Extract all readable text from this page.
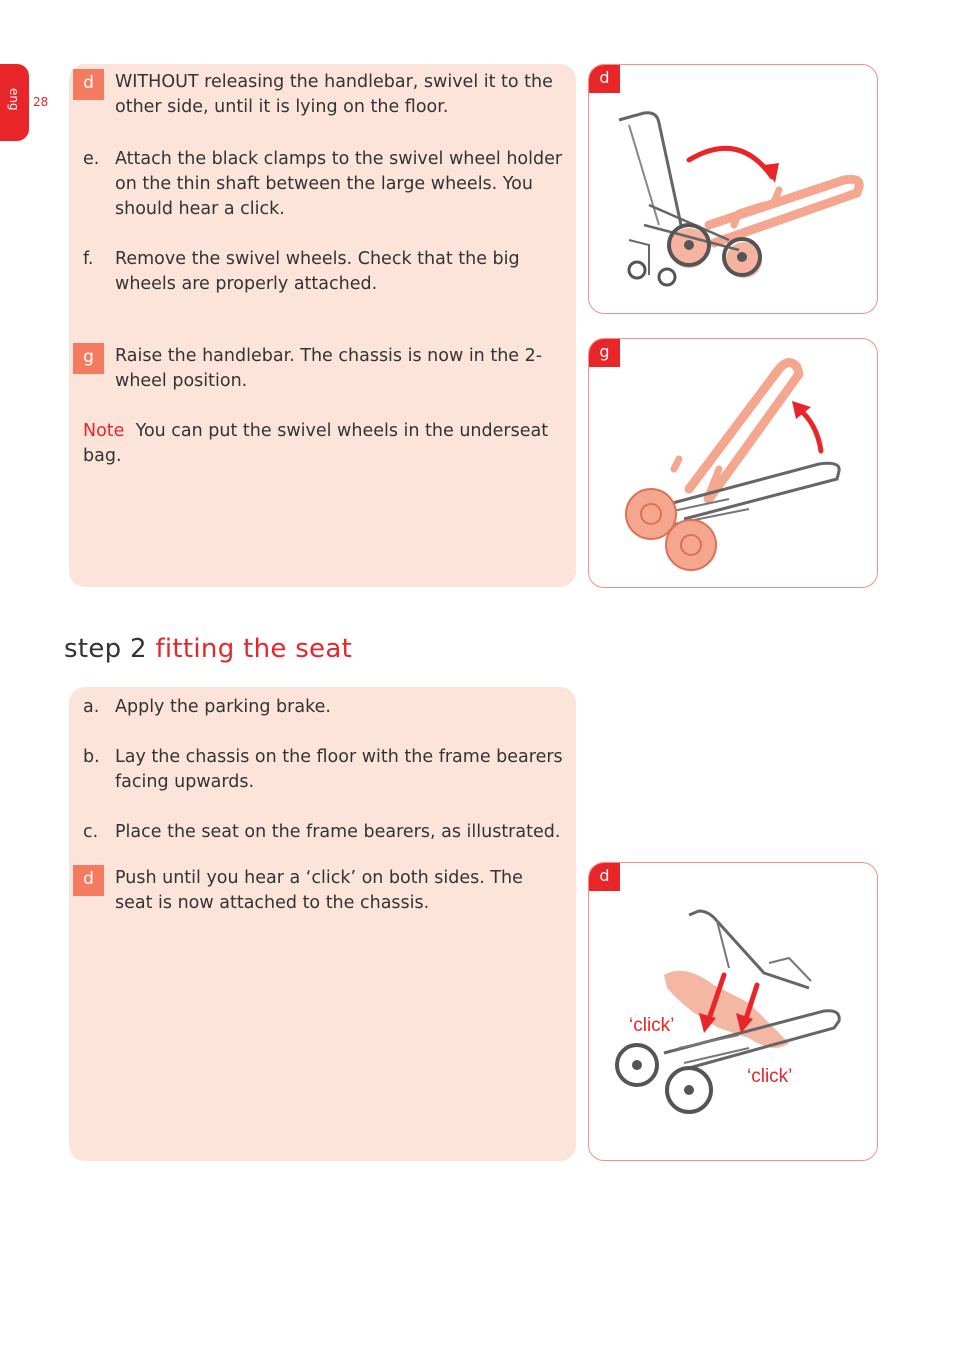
eng 28
d	WITHOUT releasing the handlebar, swivel it to the other side, until it is lying on the floor.
e. Attach the black clamps to the swivel wheel holder on the thin shaft between the large wheels. You should hear a click.
f. Remove the swivel wheels. Check that the big wheels are properly attached.
g	Raise the handlebar. The chassis is now in the 2-wheel position.
Note You can put the swivel wheels in the underseat bag.
d
g
step 2 fitting the seat
a. Apply the parking brake.
b. Lay the chassis on the floor with the frame bearers facing upwards.
c. Place the seat on the frame bearers, as illustrated.
d	Push until you hear a ‘click’ on both sides. The seat is now attached to the chassis.
‘click’
‘click’
d
